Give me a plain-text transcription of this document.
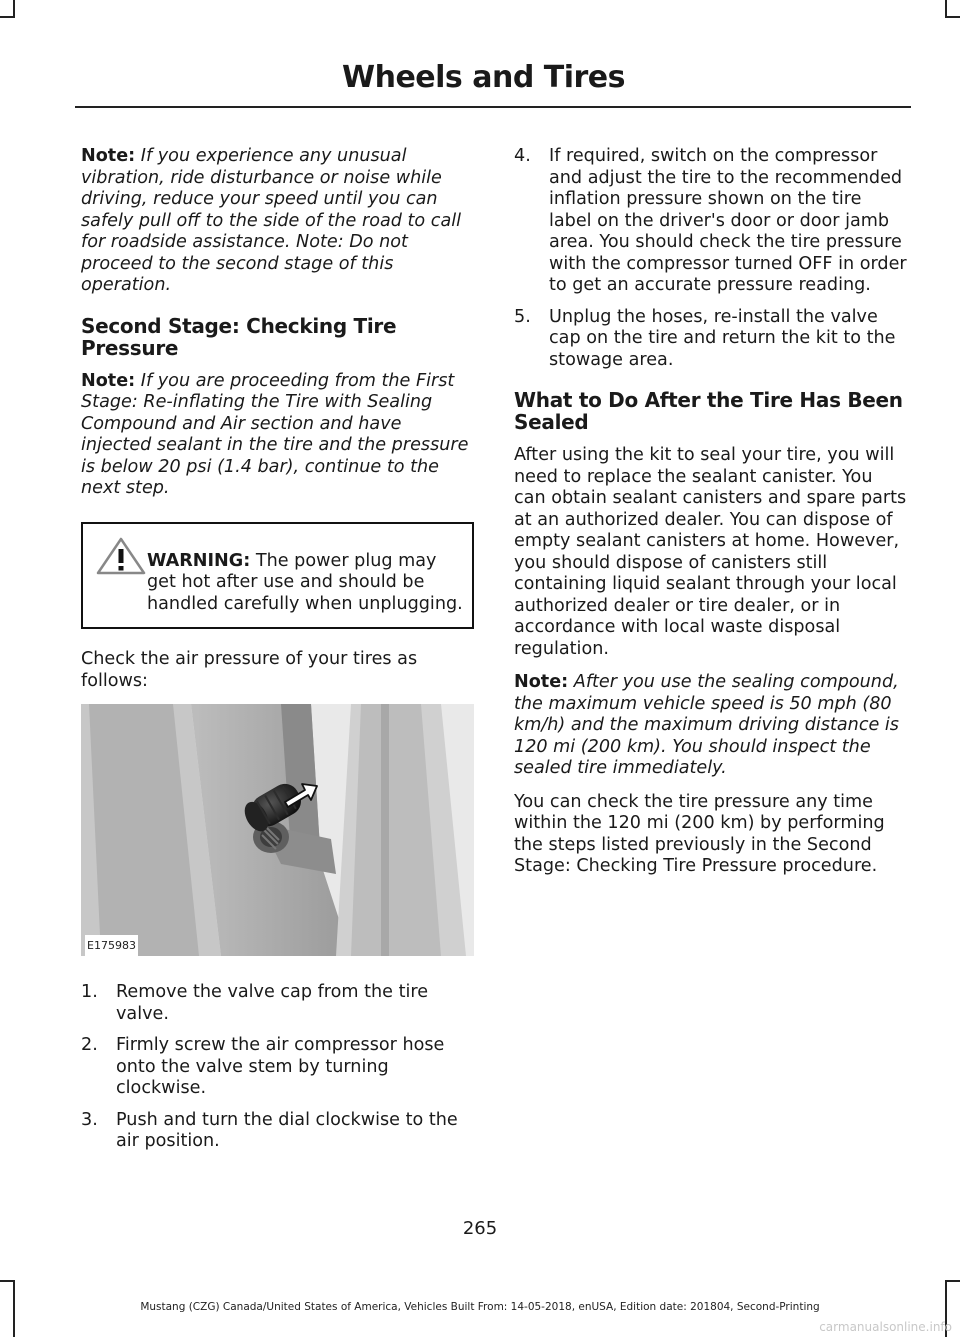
Wheels and Tires

Note: If you experience any unusual vibration, ride disturbance or noise while driving, reduce your speed until you can safely pull off to the side of the road to call for roadside assistance. Note: Do not proceed to the second stage of this operation.

Second Stage: Checking Tire Pressure

Note: If you are proceeding from the First Stage: Re-inflating the Tire with Sealing Compound and Air section and have injected sealant in the tire and the pressure is below 20 psi (1.4 bar), continue to the next step.

WARNING: The power plug may get hot after use and should be handled carefully when unplugging.

Check the air pressure of your tires as follows:

E175983
1. Remove the valve cap from the tire valve.
2. Firmly screw the air compressor hose onto the valve stem by turning clockwise.
3. Push and turn the dial clockwise to the air position.
4. If required, switch on the compressor and adjust the tire to the recommended inflation pressure shown on the tire label on the driver's door or door jamb area. You should check the tire pressure with the compressor turned OFF in order to get an accurate pressure reading.
5. Unplug the hoses, re-install the valve cap on the tire and return the kit to the stowage area.
What to Do After the Tire Has Been Sealed

After using the kit to seal your tire, you will need to replace the sealant canister. You can obtain sealant canisters and spare parts at an authorized dealer. You can dispose of empty sealant canisters at home. However, you should dispose of canisters still containing liquid sealant through your local authorized dealer or tire dealer, or in accordance with local waste disposal regulation.

Note: After you use the sealing compound, the maximum vehicle speed is 50 mph (80 km/h) and the maximum driving distance is 120 mi (200 km). You should inspect the sealed tire immediately.

You can check the tire pressure any time within the 120 mi (200 km) by performing the steps listed previously in the Second Stage: Checking Tire Pressure procedure.

265
Mustang (CZG) Canada/United States of America, Vehicles Built From: 14-05-2018, enUSA, Edition date: 201804, Second-Printing
carmanualsonline.info
